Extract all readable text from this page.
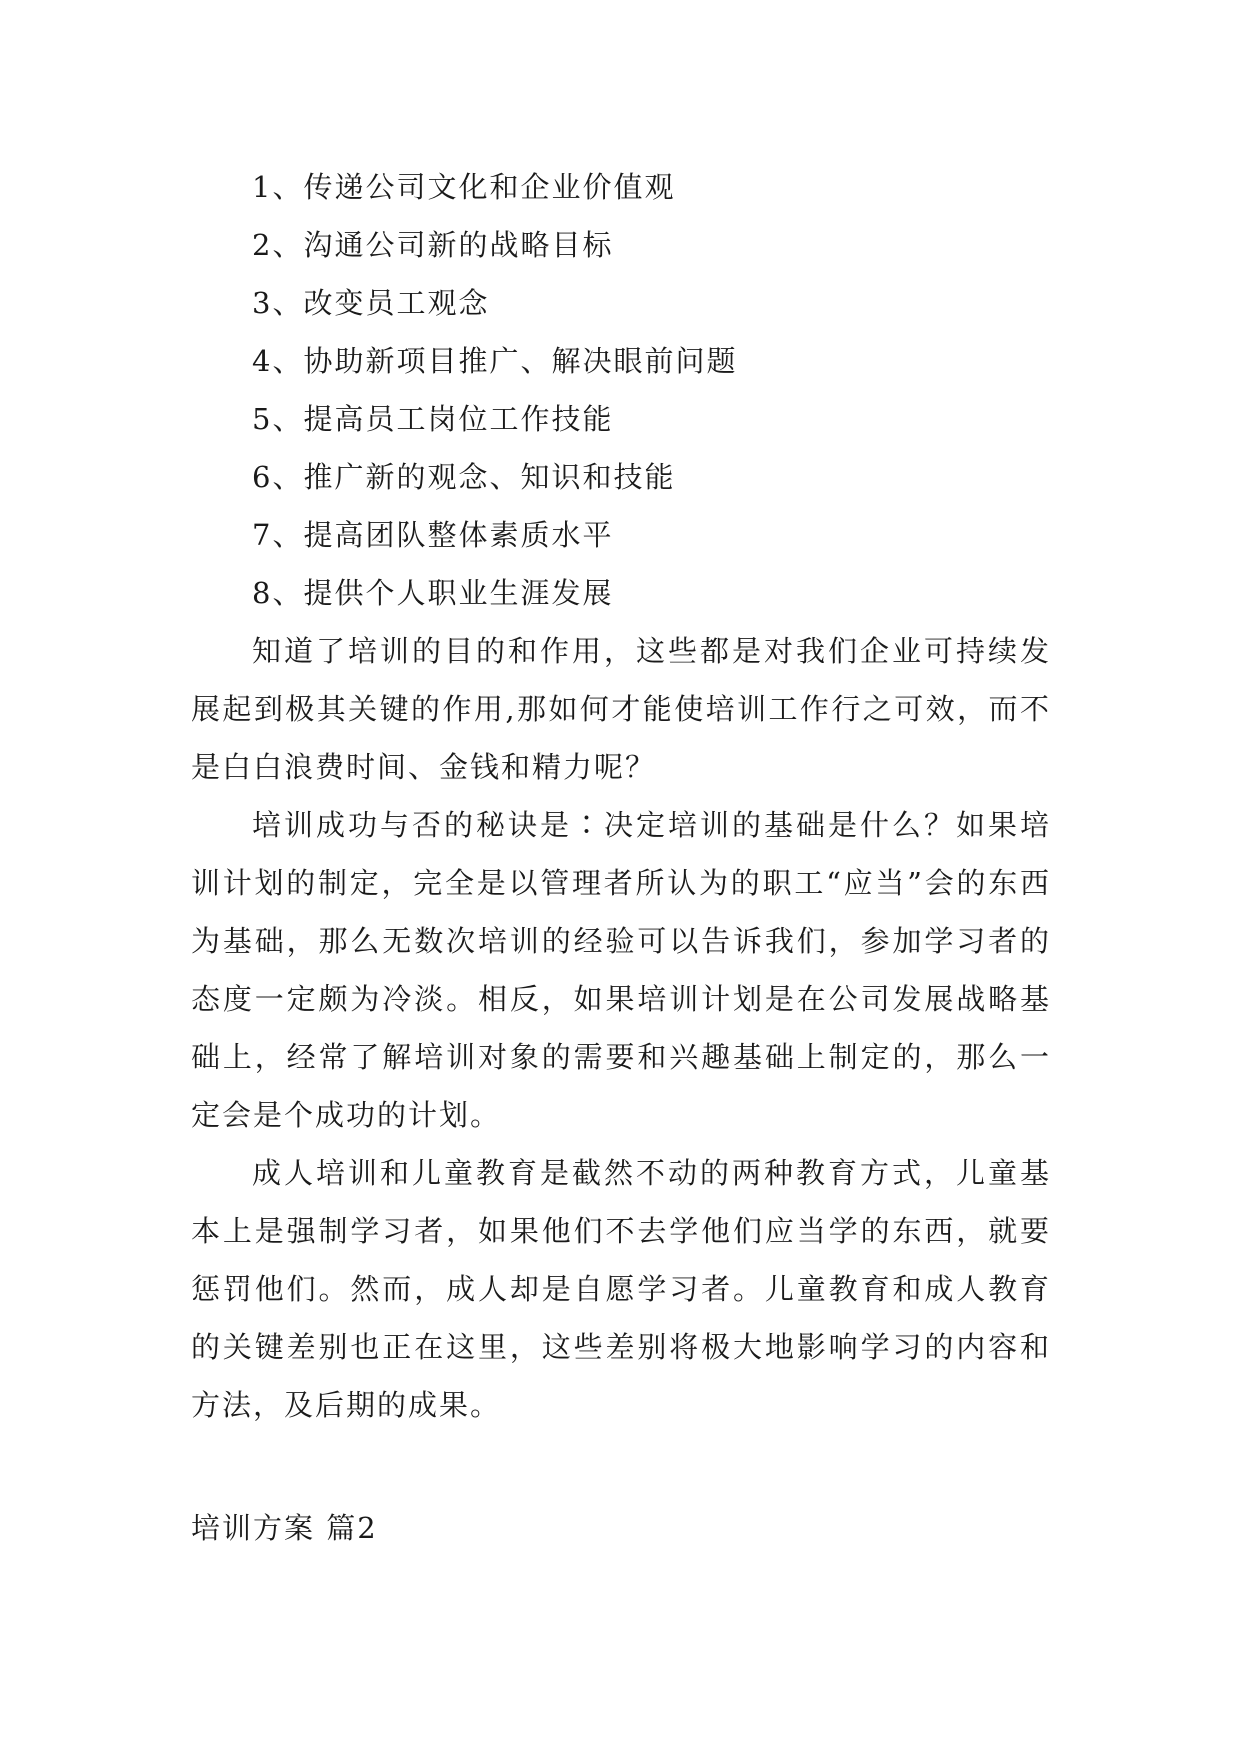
1、传递公司文化和企业价值观
2、沟通公司新的战略目标
3、改变员工观念
4、协助新项目推广、解决眼前问题
5、提高员工岗位工作技能
6、推广新的观念、知识和技能
7、提高团队整体素质水平
8、提供个人职业生涯发展

知道了培训的目的和作用，这些都是对我们企业可持续发展起到极其关键的作用,那如何才能使培训工作行之可效，而不是白白浪费时间、金钱和精力呢？

培训成功与否的秘诀是∶决定培训的基础是什么？如果培训计划的制定，完全是以管理者所认为的职工“应当”会的东西为基础，那么无数次培训的经验可以告诉我们，参加学习者的态度一定颇为冷淡。相反，如果培训计划是在公司发展战略基础上，经常了解培训对象的需要和兴趣基础上制定的，那么一定会是个成功的计划。

成人培训和儿童教育是截然不动的两种教育方式，儿童基本上是强制学习者，如果他们不去学他们应当学的东西，就要惩罚他们。然而，成人却是自愿学习者。儿童教育和成人教育的关键差别也正在这里，这些差别将极大地影响学习的内容和方法，及后期的成果。

培训方案 篇2
